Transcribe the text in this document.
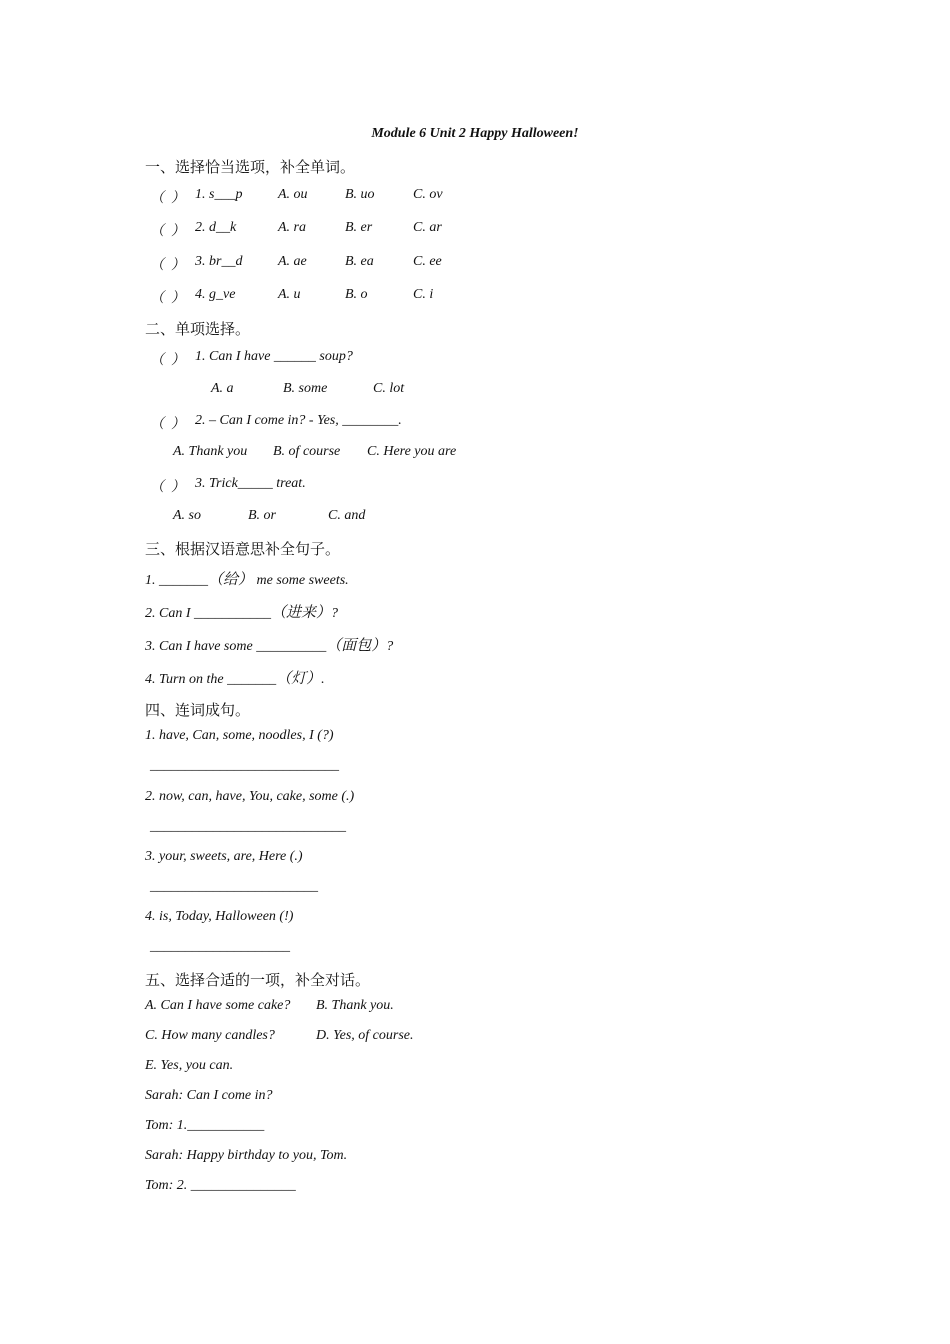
Module 6 Unit 2 Happy Halloween!
一、选择恰当选项，补全单词。
（ ） 1. s___p	A. ou	B. uo	C. ov
（ ） 2. d__k	A. ra	B. er	C. ar
（ ） 3. br__d	A. ae	B. ea	C. ee
（ ） 4. g_ve	A. u	B. o	C. i
二、单项选择。
（ ） 1. Can I have ______ soup?
A. a	B. some	C. lot
（ ） 2. – Can I come in? - Yes, ________.
A. Thank you B. of course C. Here you are
（ ） 3. Trick_____ treat.
A. so	B. or	C. and
三、根据汉语意思补全句子。
1. _______（给） me some sweets.
2. Can I ___________（进来）?
3. Can I have some __________（面包）?
4. Turn on the _______（灯）.
四、连词成句。
1. have, Can, some, noodles, I (?)
___________________________
2. now, can, have, You, cake, some (.)
____________________________
3. your, sweets, are, Here (.)
________________________
4. is, Today, Halloween (!)
____________________
五、选择合适的一项，补全对话。
A. Can I have some cake? B. Thank you.
C. How many candles?	D. Yes, of course.
E. Yes, you can.
Sarah: Can I come in?
Tom: 1.___________
Sarah: Happy birthday to you, Tom.
Tom: 2. _______________
